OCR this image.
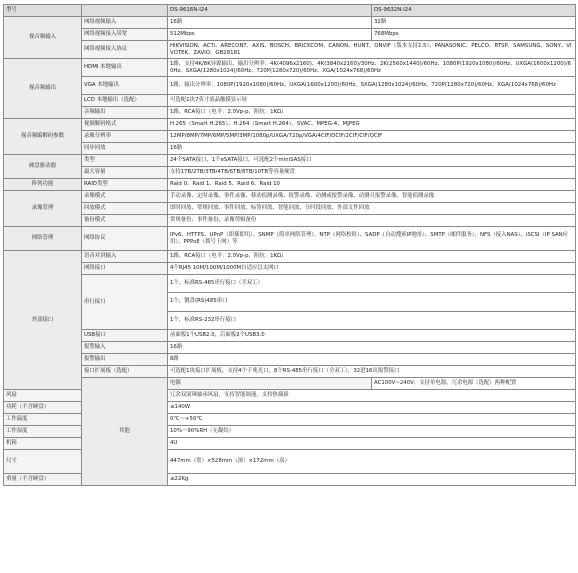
型号		DS-9616N-I24	DS-9632N-I24
视音频输入	网络视频输入	16路	32路
	网络视频接入带宽	512Mbps	768Mbps
	网络视频接入协议	HIKVISION、ACTi、ARECONT、AXIS、BOSCH、BRICKCOM、CANON、HUNT、ONVIF（版本支持2.5）、PANASONIC、PELCO、RTSP、SAMSUNG、SONY、VIVOTEK、ZAVIO、GB28181	
视音频输出	HDMI 本地输出	1路，支持4K/8K异源输出，输出分辨率：4K(4096x2160)、4K(3840x2160)/30Hz、2K(2560x1440)/60Hz、1080P(1920x1080)/60Hz、UXGA(1600x1200)/60Hz、SXGA(1280x1024)/60Hz、720P(1280x720)/60Hz、XGA(1024x768)/60Hz	
	VGA 本地输出	1路，输出分辨率：1080P(1920x1080)/60Hz、UXGA(1600x1200)/60Hz、SXGA(1280x1024)/60Hz、720P(1280x720)/60Hz、XGA(1024x768)/60Hz	
	LCD 本地输出（选配）	可选配1块7英寸液晶触摸显示屏	
	音频输出	1路，RCA接口（电平：2.0Vp-p，阻抗：1KΩ）	
视音频编解码参数	视频解码格式	H.265（Smart H.265）、H.264（Smart H.264）、SVAC、MPEG-4、MJPEG	
	录像分辨率	12MP/8MP/7MP/6MP/5MP/3MP/1080p/UXGA/720p/VGA/4CIF/DCIF/2CIF/CIF/QCIF	
	同步回放	16路	
硬盘驱动器	类型	24个SATA接口，1个eSATA接口，可选配2个miniSAS接口	
	最大容量	支持1TB/2TB/3TB/4TB/6TB/8TB/10TB等容量硬盘	
阵列功能	RAID类型	Raid 0、Raid 1、Raid 5、Raid 6、Raid 10	
录像管理	录像模式	手动录像、定时录像、事件录像、移动侦测录像、报警录像、动测或报警录像、动测且报警录像、智能侦测录像	
	回放模式	即时回放、常规回放、事件回放、标签回放、智能回放、分时段回放、外部文件回放	
	备份模式	常规备份、事件备份、录像剪辑备份	
网络管理	网络协议	IPv6、HTTPS、UPnP（即插即用）、SNMP（简单网络管理）、NTP（网络校时）、SADP（自动搜索IP地址）、SMTP（邮件服务）、NFS（接入NAS）、iSCSI（IP SAN应用）、PPPoE（拨号上网）等	
外部接口	语音对讲输入	1路，RCA接口（电平：2.0Vp-p，阻抗：1KΩ）	
	网络接口	4个RJ45 10M/100M/1000M自适应以太网口	
	串行接口	1个，标准RS-485串行接口（半双工）
1个，键盘(RS)485串口
1个，标准RS-232串行接口	

	USB接口	前面板1个USB2.0，后面板2个USB3.0	
	报警输入	16路	
	报警输出	8路	
	接口扩展板（选配）	可选配1块接口扩展板，支持4个千兆光口，8个RS-485串行接口（全双工），32进16出报警接口	
	其他	电源	AC100V~240V，支持单电源，冗余电源（选配）两种配置
风扇		冗余双滚珠轴承风扇，支持智能调速，支持热插拔	
功耗（不含硬盘）		≤140W	
工作温度		0℃～+50℃	
工作湿度		10%～90%RH（无凝结）	
机箱		4U	
尺寸		447mm（宽）×528mm（深）×172mm（高）	
重量（不含硬盘）		≤22Kg	
